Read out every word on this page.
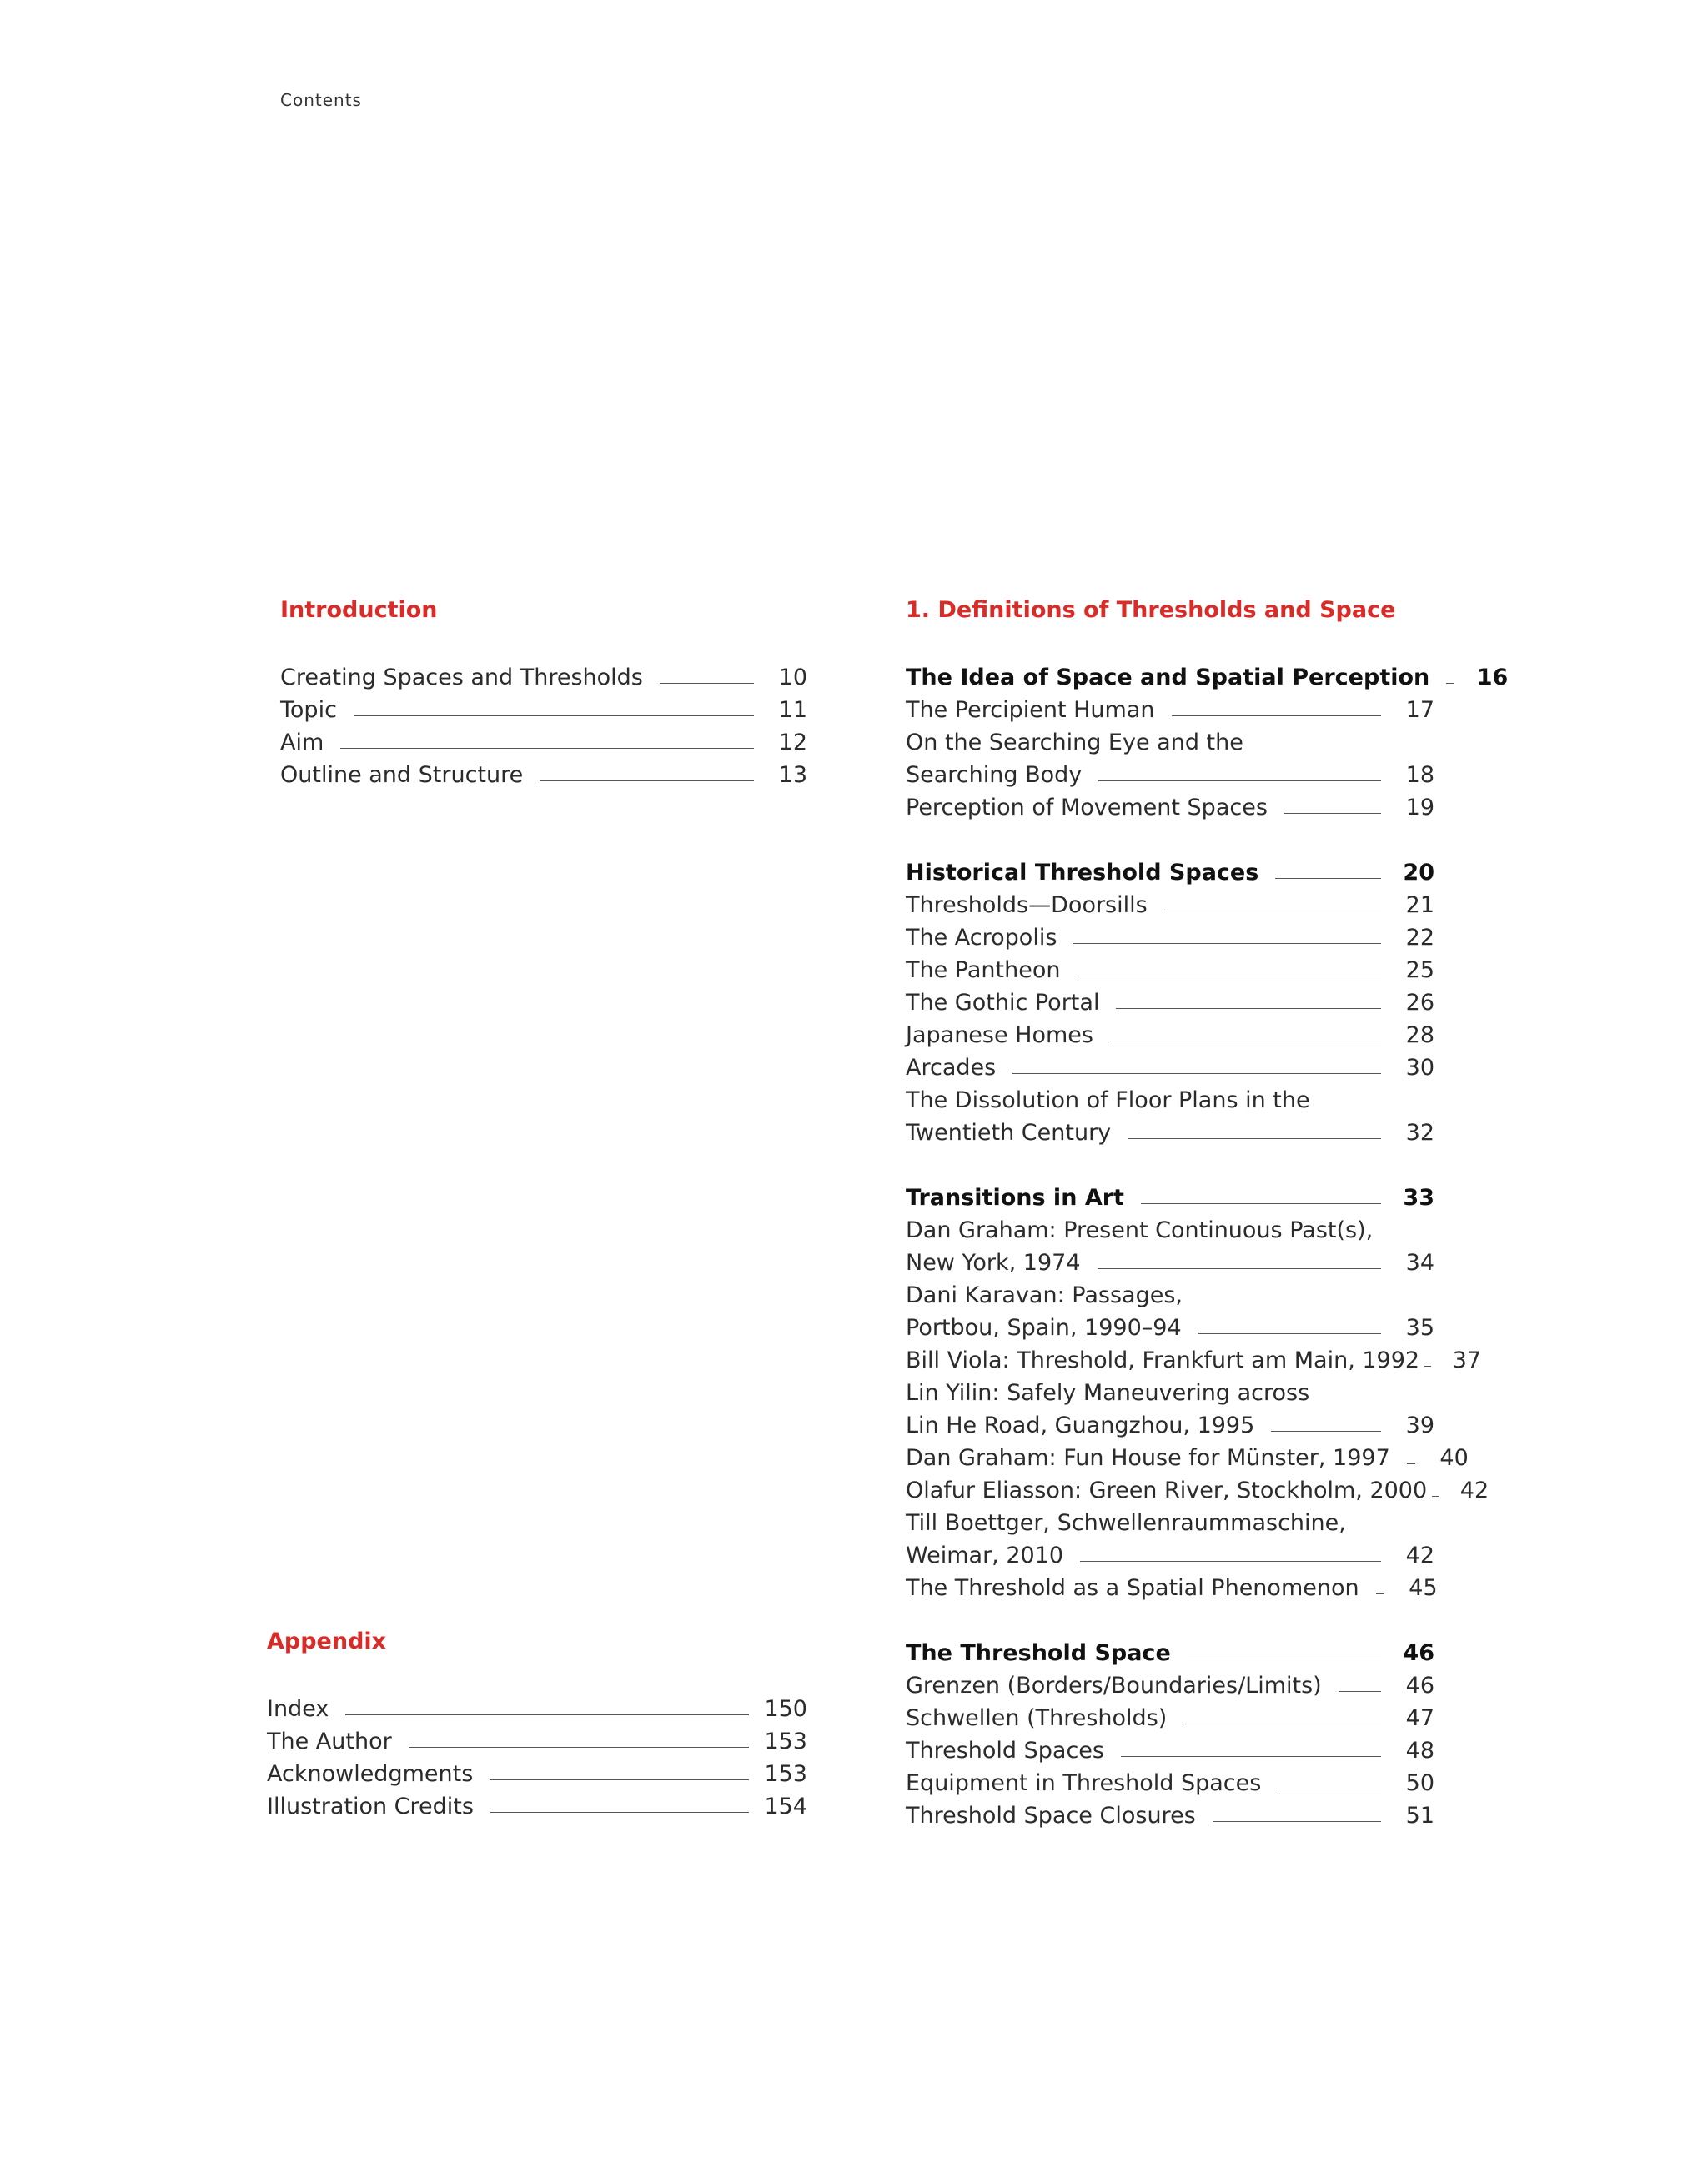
Contents
Introduction
Creating Spaces and Thresholds	10
Topic	11
Aim	12
Outline and Structure	13
Appendix
Index	150
The Author	153
Acknowledgments	153
Illustration Credits	154
1. Definitions of Thresholds and Space
The Idea of Space and Spatial Perception	16
The Percipient Human	17
On the Searching Eye and the
Searching Body	18
Perception of Movement Spaces	19
Historical Threshold Spaces	20
Thresholds—Doorsills	21
The Acropolis	22
The Pantheon	25
The Gothic Portal	26
Japanese Homes	28
Arcades	30
The Dissolution of Floor Plans in the
Twentieth Century	32
Transitions in Art	33
Dan Graham: Present Continuous Past(s),
New York, 1974	34
Dani Karavan: Passages,
Portbou, Spain, 1990–94	35
Bill Viola: Threshold, Frankfurt am Main, 1992	37
Lin Yilin: Safely Maneuvering across
Lin He Road, Guangzhou, 1995	39
Dan Graham: Fun House for Münster, 1997	40
Olafur Eliasson: Green River, Stockholm, 2000	42
Till Boettger, Schwellenraummaschine,
Weimar, 2010	42
The Threshold as a Spatial Phenomenon	45
The Threshold Space	46
Grenzen (Borders/Boundaries/Limits)	46
Schwellen (Thresholds)	47
Threshold Spaces	48
Equipment in Threshold Spaces	50
Threshold Space Closures	51
